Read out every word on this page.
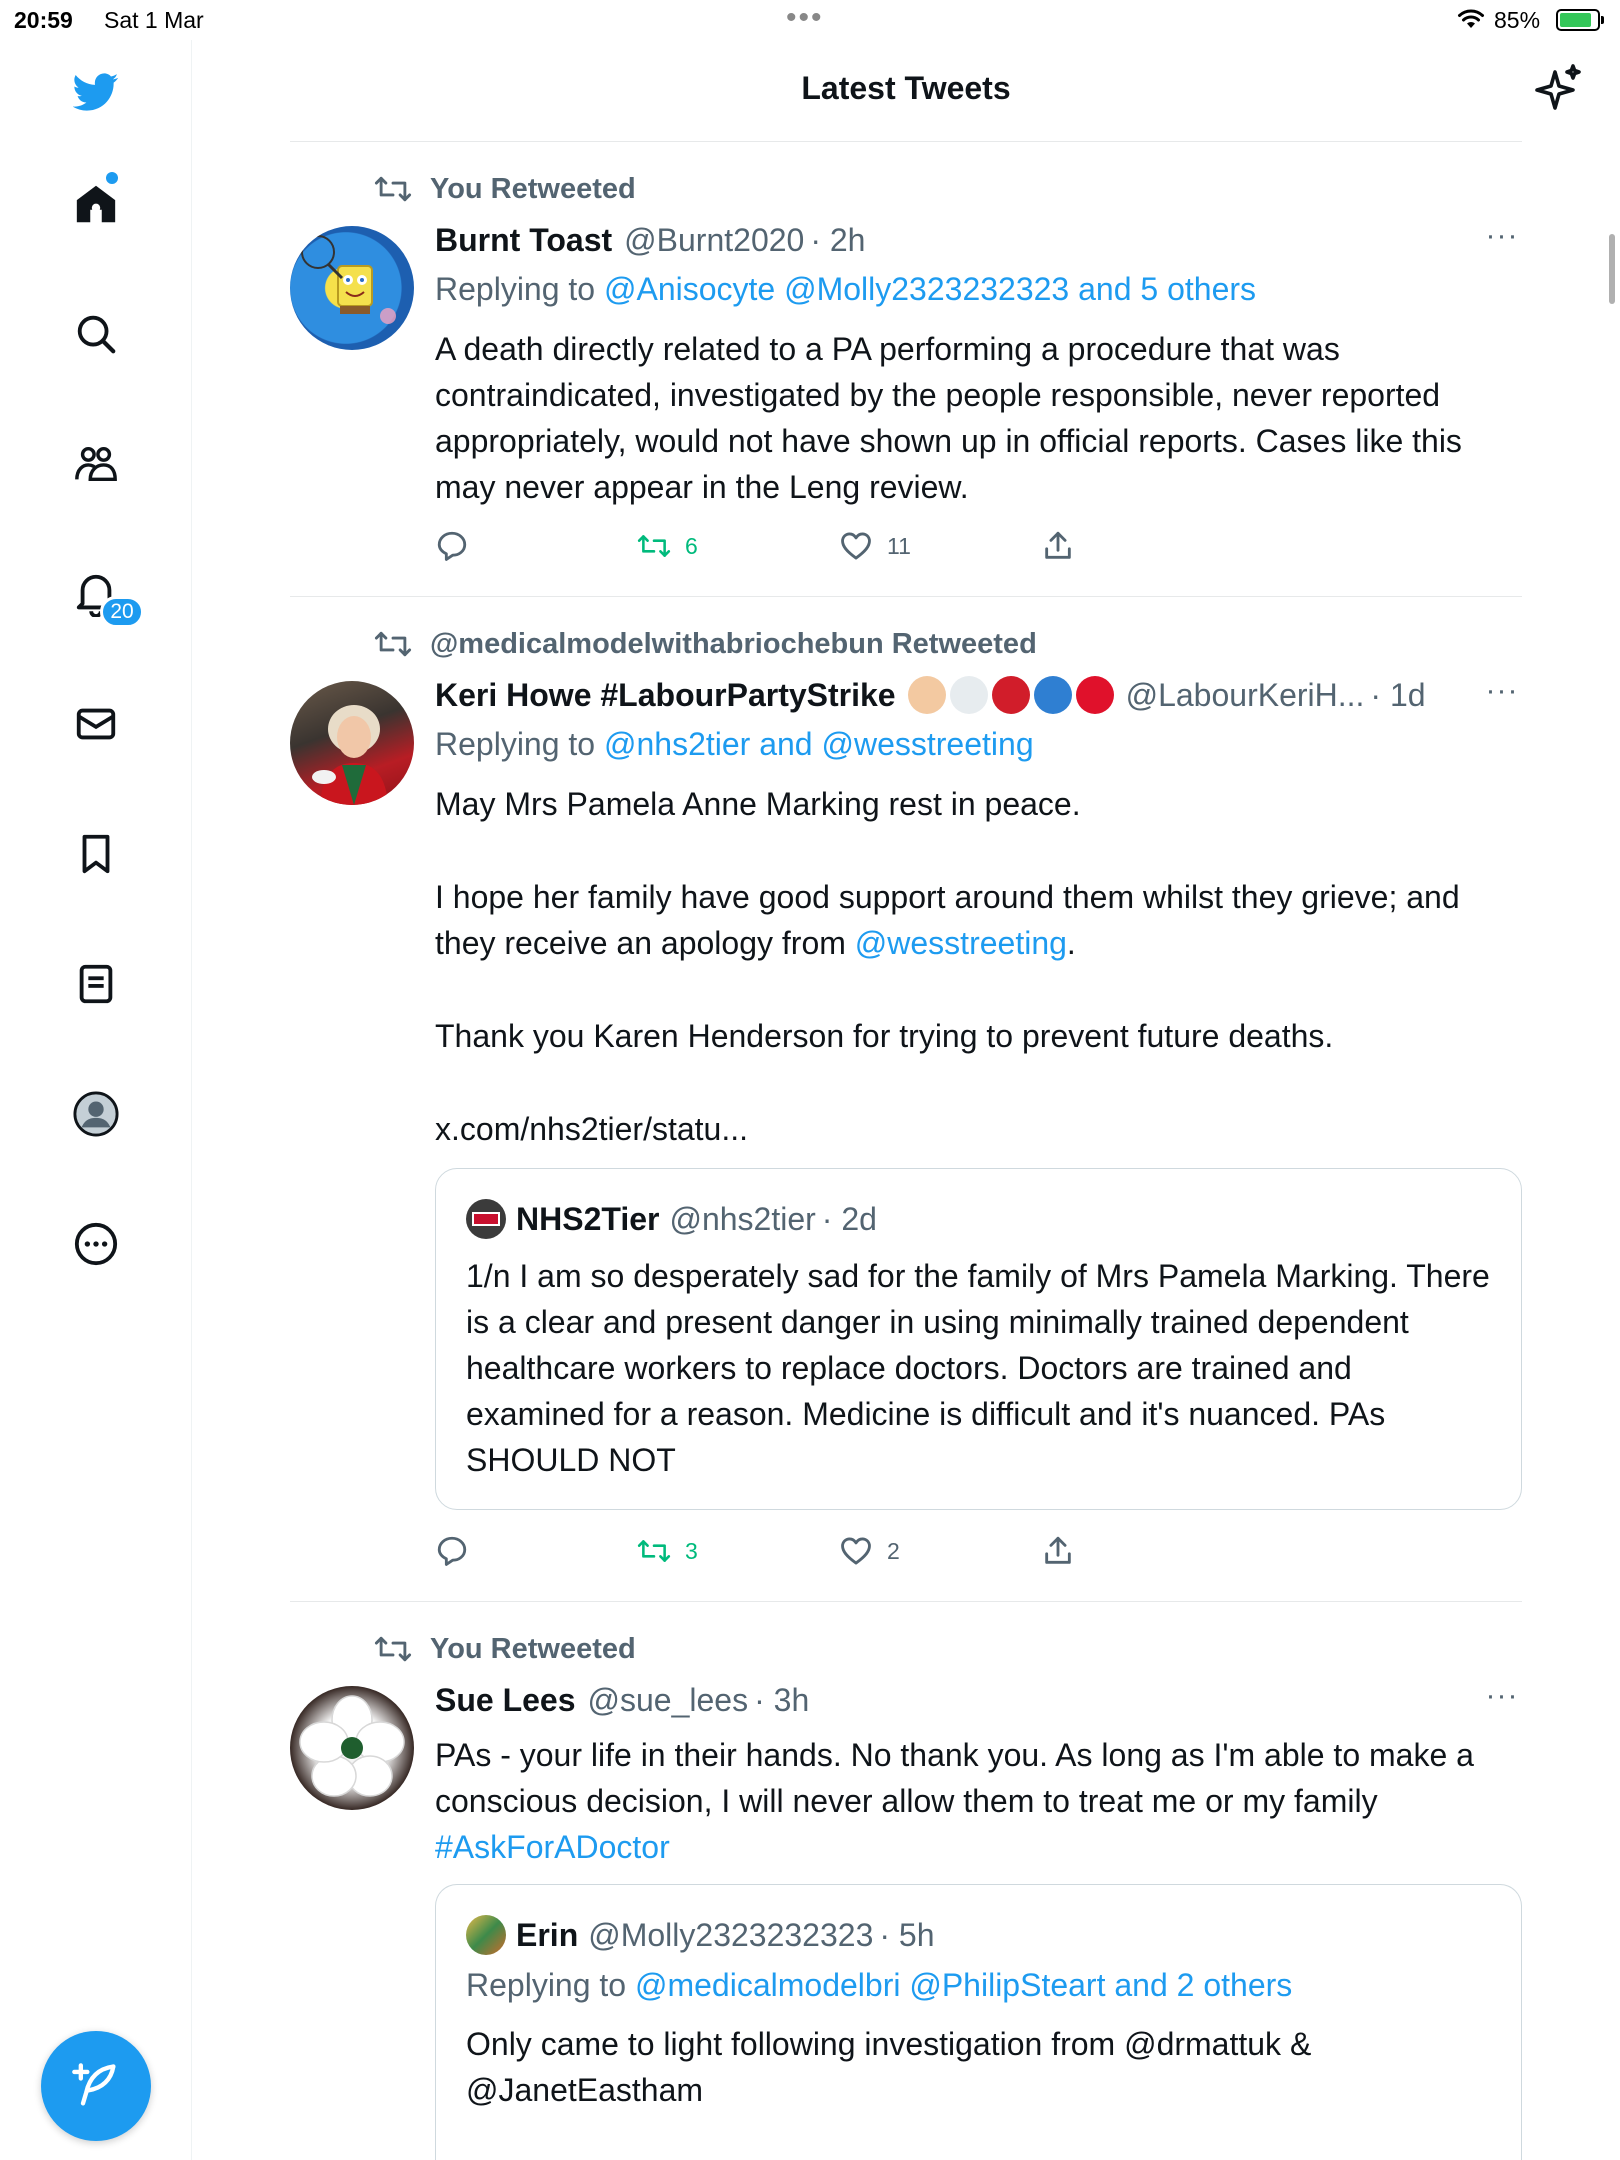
20:59 Sat 1 Mar	•••	85%
20
Latest Tweets
You Retweeted
Burnt Toast @Burnt2020 · 2h	···
Replying to @Anisocyte @Molly2323232323 and 5 others
A death directly related to a PA performing a procedure that was contraindicated, investigated by the people responsible, never reported appropriately, would not have shown up in official reports. Cases like this may never appear in the Leng review.
6	11
@medicalmodelwithabriochebun Retweeted
Keri Howe #LabourPartyStrike	@LabourKeriH... · 1d ···
Replying to @nhs2tier and @wesstreeting
May Mrs Pamela Anne Marking rest in peace.
I hope her family have good support around them whilst they grieve; and they receive an apology from @wesstreeting.
Thank you Karen Henderson for trying to prevent future deaths.
x.com/nhs2tier/statu...
NHS2Tier @nhs2tier · 2d
1/n I am so desperately sad for the family of Mrs Pamela Marking. There is a clear and present danger in using minimally trained dependent healthcare workers to replace doctors. Doctors are trained and examined for a reason. Medicine is difficult and it's nuanced. PAs SHOULD NOT
3	2
You Retweeted
Sue Lees @sue_lees · 3h	···
PAs - your life in their hands. No thank you. As long as I'm able to make a conscious decision, I will never allow them to treat me or my family #AskForADoctor
Erin @Molly2323232323 · 5h
Replying to @medicalmodelbri @PhilipSteart and 2 others
Only came to light following investigation from @drmattuk & @JanetEastham
